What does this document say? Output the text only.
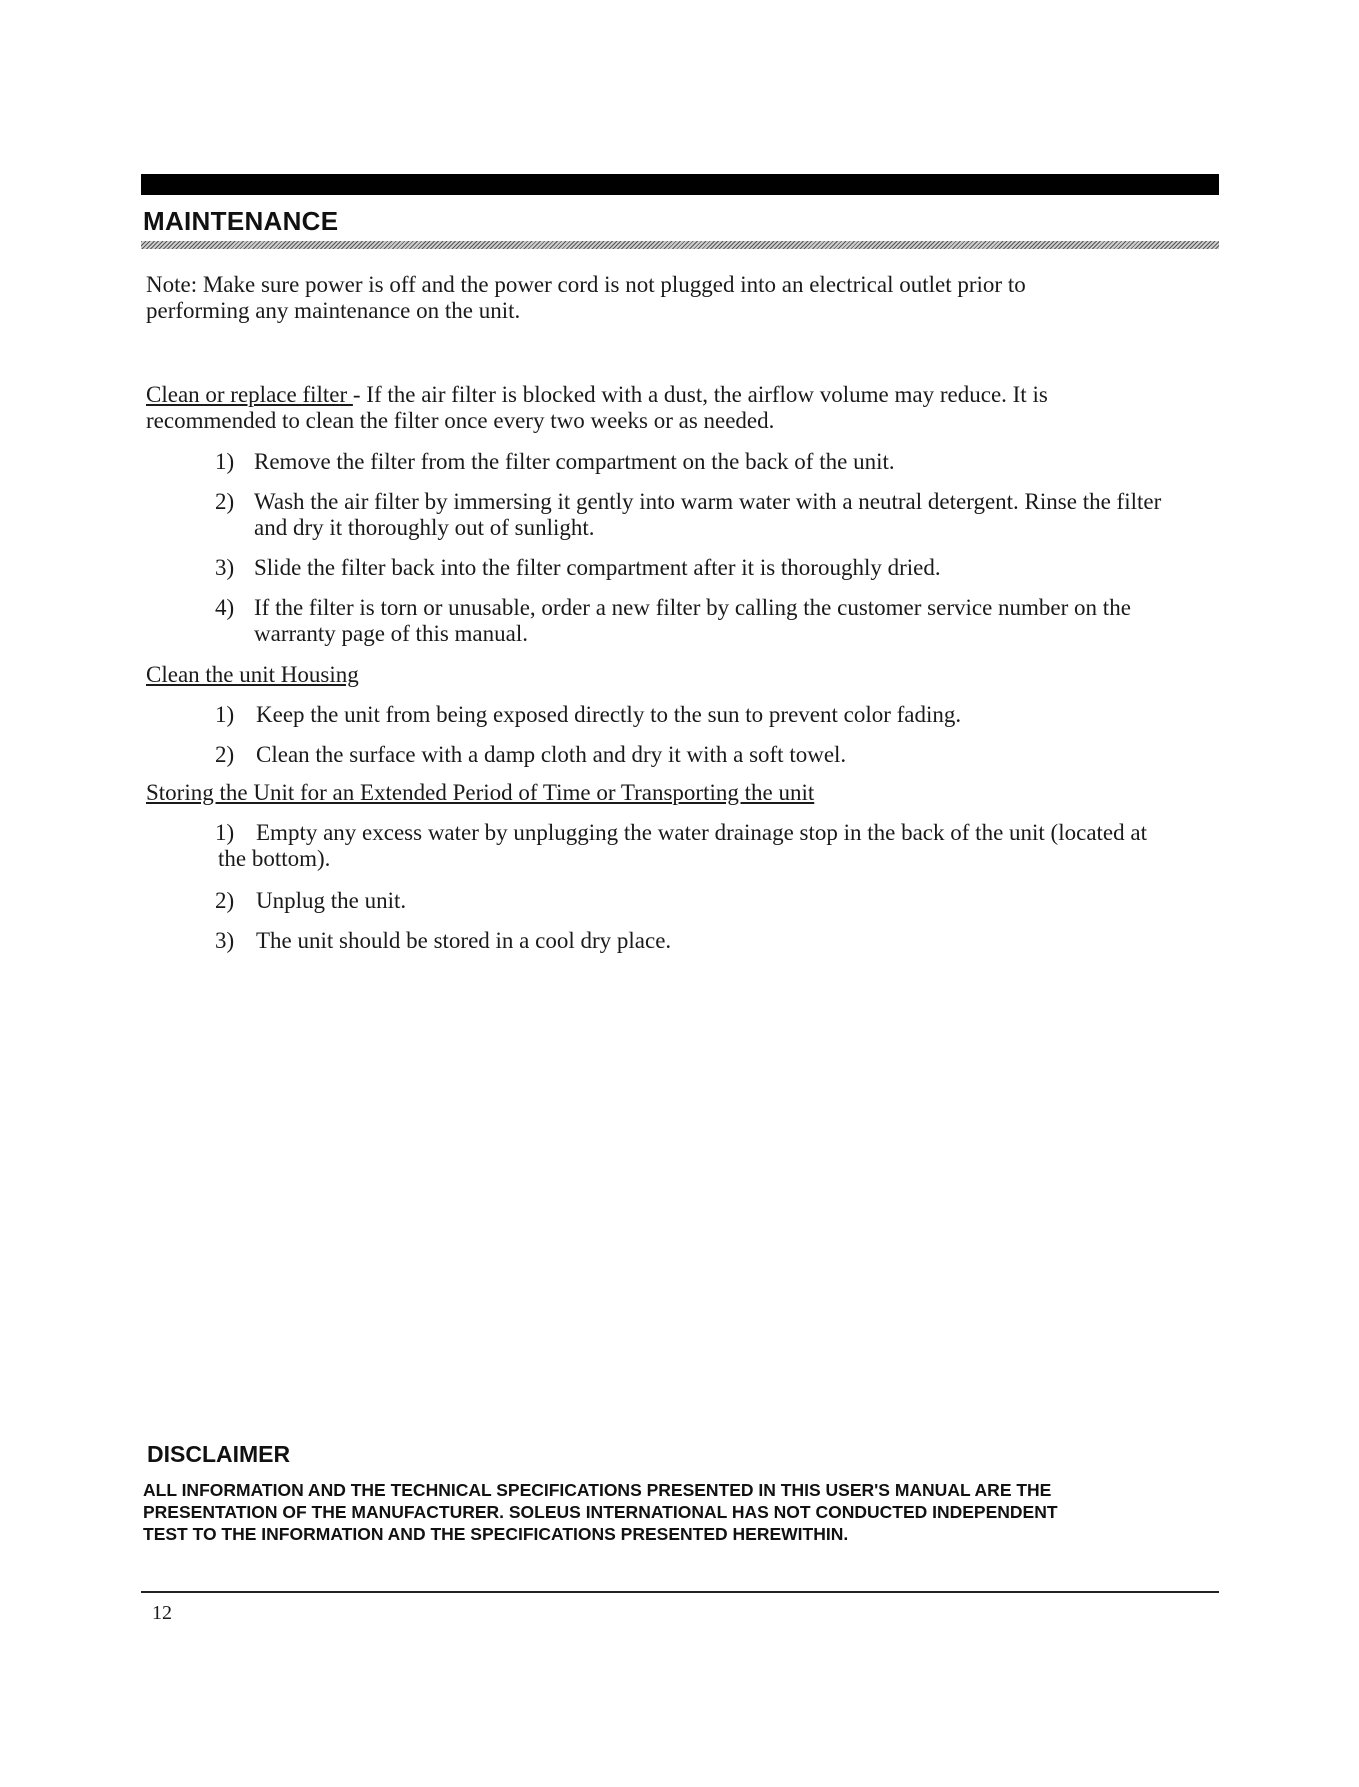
MAINTENANCE
Note: Make sure power is off and the power cord is not plugged into an electrical outlet prior to
performing any maintenance on the unit.
Clean or replace filter - If the air filter is blocked with a dust, the airflow volume may reduce. It is
recommended to clean the filter once every two weeks or as needed.
1) Remove the filter from the filter compartment on the back of the unit.
2) Wash the air filter by immersing it gently into warm water with a neutral detergent. Rinse the filter
and dry it thoroughly out of sunlight.
3) Slide the filter back into the filter compartment after it is thoroughly dried.
4) If the filter is torn or unusable, order a new filter by calling the customer service number on the
warranty page of this manual.
Clean the unit Housing
1) Keep the unit from being exposed directly to the sun to prevent color fading.
2) Clean the surface with a damp cloth and dry it with a soft towel.
Storing the Unit for an Extended Period of Time or Transporting the unit
1) Empty any excess water by unplugging the water drainage stop in the back of the unit (located at
the bottom).
2) Unplug the unit.
3) The unit should be stored in a cool dry place.
DISCLAIMER
ALL INFORMATION AND THE TECHNICAL SPECIFICATIONS PRESENTED IN THIS USER'S MANUAL ARE THE
PRESENTATION OF THE MANUFACTURER. SOLEUS INTERNATIONAL HAS NOT CONDUCTED INDEPENDENT
TEST TO THE INFORMATION AND THE SPECIFICATIONS PRESENTED HEREWITHIN.
12
